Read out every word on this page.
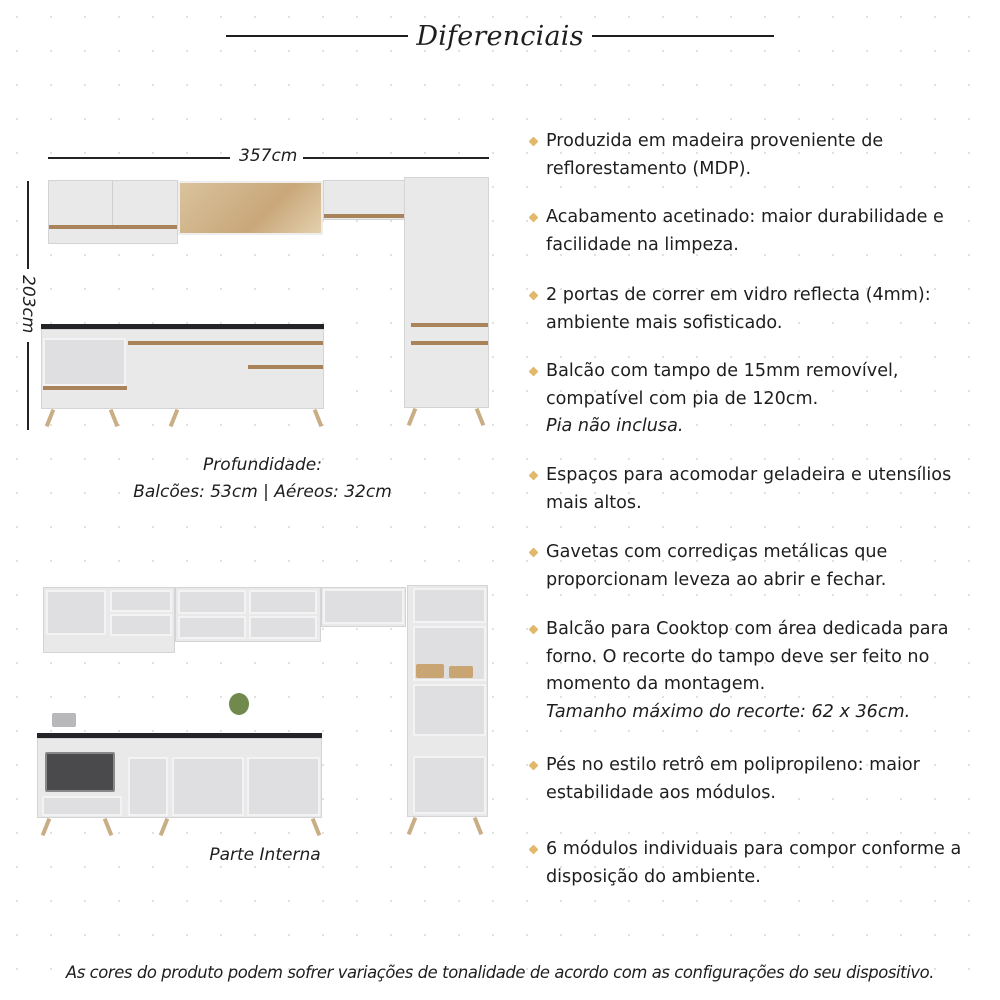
Diferenciais
357cm
203cm
Profundidade:
Balcões: 53cm | Aéreos: 32cm
Parte Interna
Produzida em madeira proveniente de reflorestamento (MDP).
Acabamento acetinado: maior durabilidade e facilidade na limpeza.
2 portas de correr em vidro reflecta (4mm): ambiente mais sofisticado.
Balcão com tampo de 15mm removível, compatível com pia de 120cm.
Pia não inclusa.
Espaços para acomodar geladeira e utensílios mais altos.
Gavetas com corrediças metálicas que proporcionam leveza ao abrir e fechar.
Balcão para Cooktop com área dedicada para forno. O recorte do tampo deve ser feito no momento da montagem.
Tamanho máximo do recorte: 62 x 36cm.
Pés no estilo retrô em polipropileno: maior estabilidade aos módulos.
6 módulos individuais para compor conforme a disposição do ambiente.
As cores do produto podem sofrer variações de tonalidade de acordo com as configurações do seu dispositivo.
